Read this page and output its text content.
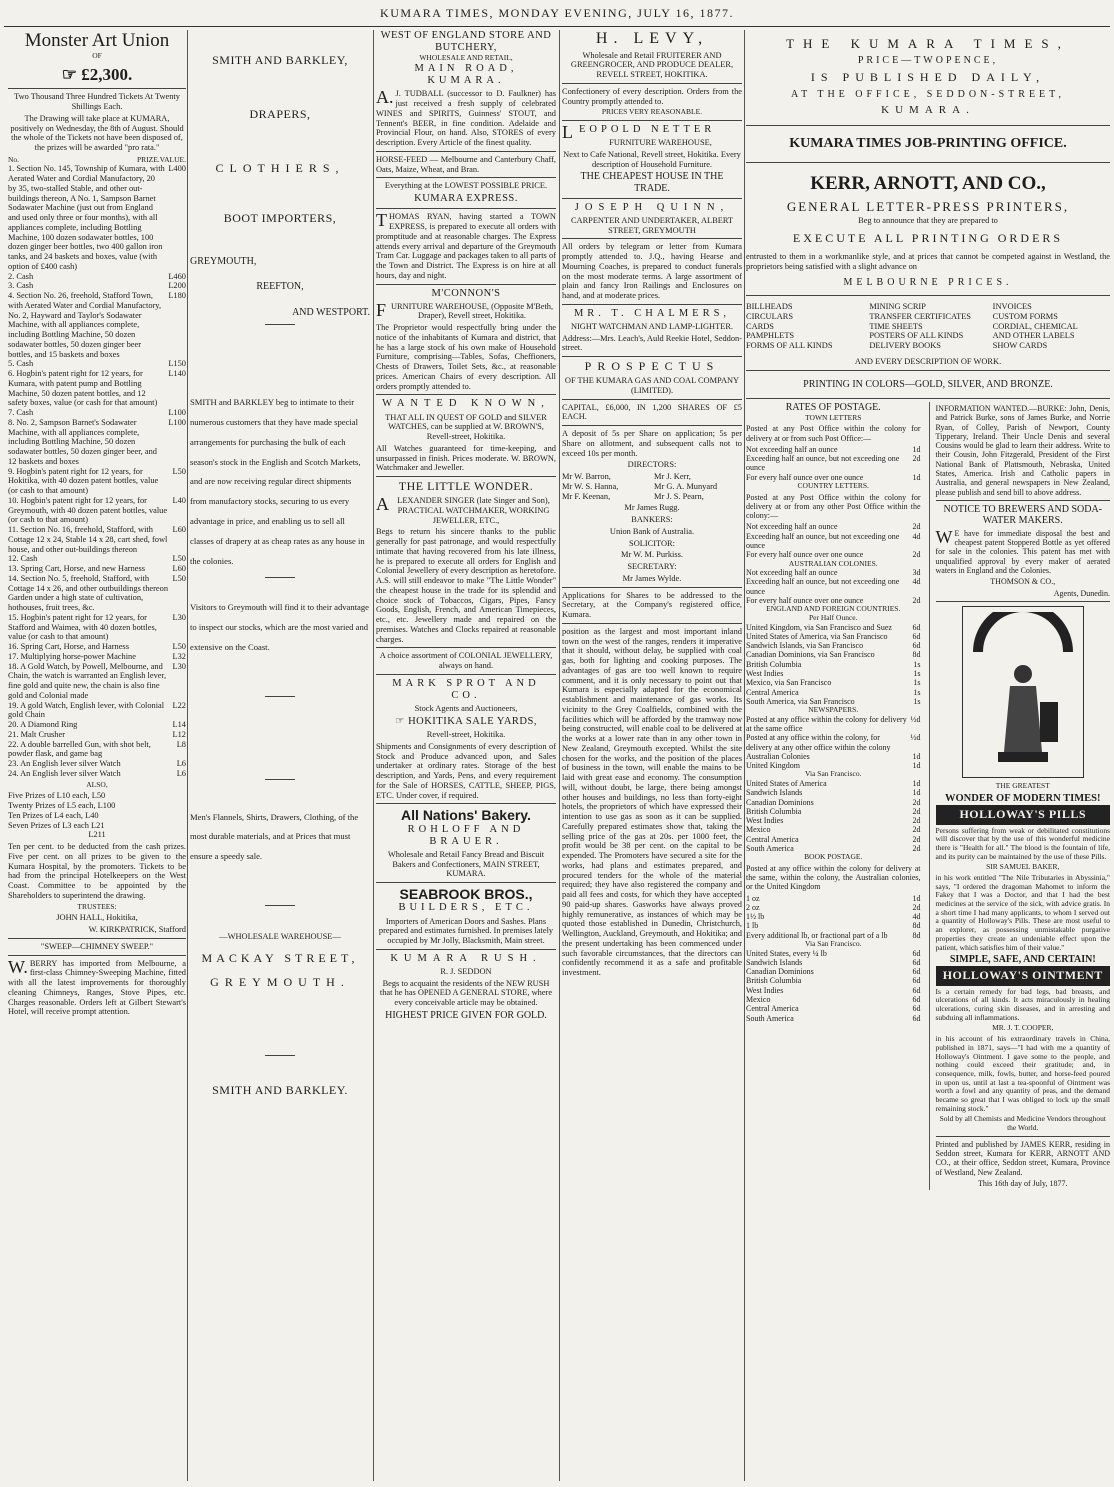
KUMARA TIMES, MONDAY EVENING, JULY 16, 1877.
Monster Art Union
OF
☞ £2,300.

Two Thousand Three Hundred Tickets At Twenty Shillings Each.

The Drawing will take place at KUMARA, positively on Wednesday, the 8th of August. Should the whole of the Tickets not have been disposed of, the prizes will be awarded "pro rata."

No.	PRIZE. VALUE.
1. Section No. 145, Township of Kumara, with Aerated Water and Cordial Manufactory, 20 by 35, two-stalled Stable, and other out-buildings thereon, A No. 1, Sampson Barnet Sodawater Machine (just out from England and used only three or four months), with all appliances complete, including Bottling Machine, 100 dozen sodawater bottles, 100 dozen ginger beer bottles, two 400 gallon iron tanks, and 24 baskets and boxes, value (with option of £400 cash)
L400
2. Cash	L460
3. Cash	L200
4. Section No. 26, freehold, Stafford Town, with Aerated Water and Cordial Manufactory, No. 2, Hayward and Taylor's Sodawater Machine, with all appliances complete, including Bottling Machine, 50 dozen sodawater bottles, 50 dozen ginger beer bottles, and 15 baskets and boxes
L180
5. Cash	L150
6. Hogbin's patent right for 12 years, for Kumara, with patent pump and Bottling Machine, 50 dozen patent bottles, and 12 safety boxes, value (or cash for that amount)
L140
7. Cash	L100
8. No. 2, Sampson Barnet's Sodawater Machine, with all appliances complete, including Bottling Machine, 50 dozen sodawater bottles, 50 dozen ginger beer, and 12 baskets and boxes
L100
9. Hogbin's patent right for 12 years, for Hokitika, with 40 dozen patent bottles, value (or cash to that amount)
L50
10. Hogbin's patent right for 12 years, for Greymouth, with 40 dozen patent bottles, value (or cash to that amount)
L40
11. Section No. 16, freehold, Stafford, with Cottage 12 x 24, Stable 14 x 28, cart shed, fowl house, and other out-buildings thereon
L60
12. Cash	L50
13. Spring Cart, Horse, and new Harness	L60
14. Section No. 5, freehold, Stafford, with Cottage 14 x 26, and other outbuildings thereon Garden under a high state of cultivation, hothouses, fruit trees, &c.
L50
15. Hogbin's patent right for 12 years, for Stafford and Waimea, with 40 dozen bottles, value (or cash to that amount)
L30
16. Spring Cart, Horse, and Harness	L50
17. Multiplying horse-power Machine	L32
18. A Gold Watch, by Powell, Melbourne, and Chain, the watch is warranted an English lever, fine gold and quite new, the chain is also fine gold and Colonial made
L30
19. A gold Watch, English lever, with Colonial gold Chain
L22
20. A Diamond Ring	L14
21. Malt Crusher	L12
22. A double barrelled Gun, with shot belt, powder flask, and game bag
L8
23. An English lever silver Watch	L6
24. An English lever silver Watch	L6

ALSO,

Five Prizes of L10 each, L50
Twenty Prizes of L5 each, L100
Ten Prizes of L4 each, L40
Seven Prizes of L3 each L21
L211

Ten per cent. to be deducted from the cash prizes. Five per cent. on all prizes to be given to the Kumara Hospital, by the promoters. Tickets to be had from the principal Hotelkeepers on the West Coast. Committee to be appointed by the Shareholders to superintend the drawing.

TRUSTEES:

JOHN HALL, Hokitika,

W. KIRKPATRICK, Stafford

"SWEEP—CHIMNEY SWEEP."

W.BERRY has imported from Melbourne, a first-class Chimney-Sweeping Machine, fitted with all the latest improvements for thoroughly cleaning Chimneys, Ranges, Stove Pipes, etc. Charges reasonable. Orders left at Gilbert Stewart's Hotel, will receive prompt attention.

SMITH AND BARKLEY,
DRAPERS,
CLOTHIERS,
BOOT IMPORTERS,
GREYMOUTH,
REEFTON,
AND WESTPORT.

SMITH and BARKLEY beg to intimate to their numerous customers that they have made special arrangements for purchasing the bulk of each season's stock in the English and Scotch Markets, and are now receiving regular direct shipments from manufactory stocks, securing to us every advantage in price, and enabling us to sell all classes of drapery at as cheap rates as any house in the colonies.

Visitors to Greymouth will find it to their advantage to inspect our stocks, which are the most varied and extensive on the Coast.

Men's Flannels, Shirts, Drawers, Clothing, of the most durable materials, and at Prices that must ensure a speedy sale.

—WHOLESALE WAREHOUSE—
MACKAY STREET,
GREYMOUTH.
SMITH AND BARKLEY.
WEST OF ENGLAND STORE AND BUTCHERY,
WHOLESALE AND RETAIL,
MAIN ROAD, KUMARA.

A.J. TUDBALL (successor to D. Faulkner) has just received a fresh supply of celebrated WINES and SPIRITS, Guinness' STOUT, and Tennent's BEER, in fine condition. Adelaide and Provincial Flour, on hand. Also, STORES of every description. Every Article of the finest quality.

HORSE-FEED — Melbourne and Canterbury Chaff, Oats, Maize, Wheat, and Bran.

Everything at the LOWEST POSSIBLE PRICE.

KUMARA EXPRESS.

THOMAS RYAN, having started a TOWN EXPRESS, is prepared to execute all orders with promptitude and at reasonable charges. The Express attends every arrival and departure of the Greymouth Tram Car. Luggage and packages taken to all parts of the Town and District. The Express is on hire at all hours, day and night.

M'CONNON'S

FURNITURE WAREHOUSE, (Opposite M'Beth, Draper), Revell street, Hokitika.

The Proprietor would respectfully bring under the notice of the inhabitants of Kumara and district, that he has a large stock of his own make of Household Furniture, comprising—Tables, Sofas, Cheffioners, Chests of Drawers, Toilet Sets, &c., at reasonable prices. American Chairs of every description. All orders promptly attended to.

WANTED KNOWN,

THAT ALL IN QUEST OF GOLD and SILVER WATCHES, can be supplied at W. BROWN'S, Revell-street, Hokitika.

All Watches guaranteed for time-keeping, and unsurpassed in finish. Prices moderate. W. BROWN, Watchmaker and Jeweller.

THE LITTLE WONDER.

ALEXANDER SINGER (late Singer and Son), PRACTICAL WATCHMAKER, WORKING JEWELLER, ETC.,

Begs to return his sincere thanks to the public generally for past patronage, and would respectfully intimate that having recovered from his late illness, he is prepared to execute all orders for English and Colonial Jewellery of every description as heretofore. A.S. will still endeavor to make "The Little Wonder" the cheapest house in the trade for its splendid and choice stock of Tobaccos, Cigars, Pipes, Fancy Goods, English, French, and American Timepieces, etc., etc. Jewellery made and repaired on the premises. Watches and Clocks repaired at reasonable charges.

A choice assortment of COLONIAL JEWELLERY, always on hand.

MARK SPROT AND CO.

Stock Agents and Auctioneers,

☞ HOKITIKA SALE YARDS,

Revell-street, Hokitika.

Shipments and Consignments of every description of Stock and Produce advanced upon, and Sales undertaker at ordinary rates. Storage of the best description, and Yards, Pens, and every requirement for the Sale of HORSES, CATTLE, SHEEP, PIGS, ETC. Under cover, if required.

All Nations' Bakery.
ROHLOFF AND BRAUER.

Wholesale and Retail Fancy Bread and Biscuit Bakers and Confectioners, MAIN STREET, KUMARA.

SEABROOK BROS.,
BUILDERS, ETC.

Importers of American Doors and Sashes. Plans prepared and estimates furnished. In premises lately occupied by Mr Jolly, Blacksmith, Main street.

KUMARA RUSH.

R. J. SEDDON

Begs to acquaint the residents of the NEW RUSH that he has OPENED A GENERAL STORE, where every conceivable article may be obtained.

HIGHEST PRICE GIVEN FOR GOLD.

H. LEVY,

Wholesale and Retail FRUITERER AND GREENGROCER, AND PRODUCE DEALER, REVELL STREET, HOKITIKA.

Confectionery of every description. Orders from the Country promptly attended to.

PRICES VERY REASONABLE.

LEOPOLD NETTER

FURNITURE WAREHOUSE,

Next to Cafe National, Revell street, Hokitika. Every description of Household Furniture.

THE CHEAPEST HOUSE IN THE TRADE.

JOSEPH QUINN,

CARPENTER AND UNDERTAKER, ALBERT STREET, GREYMOUTH

All orders by telegram or letter from Kumara promptly attended to. J.Q., having Hearse and Mourning Coaches, is prepared to conduct funerals on the most moderate terms. A large assortment of plain and fancy Iron Railings and Enclosures on hand, and at moderate prices.

MR. T. CHALMERS,

NIGHT WATCHMAN AND LAMP-LIGHTER.

Address:—Mrs. Leach's, Auld Reekie Hotel, Seddon-street.

PROSPECTUS

OF THE KUMARA GAS AND COAL COMPANY (LIMITED).

CAPITAL, £6,000, IN 1,200 SHARES OF £5 EACH.

A deposit of 5s per Share on application; 5s per Share on allotment, and subsequent calls not to exceed 10s per month.

DIRECTORS:

Mr W. Barron,	Mr J. Kerr,
Mr W. S. Hanna,	Mr G. A. Munyard
Mr F. Keenan,	Mr J. S. Pearn,

Mr James Rugg.

BANKERS:

Union Bank of Australia.

SOLICITOR:

Mr W. M. Purkiss.

SECRETARY:

Mr James Wylde.

Applications for Shares to be addressed to the Secretary, at the Company's registered office, Kumara.

position as the largest and most important inland town on the west of the ranges, renders it imperative that it should, without delay, be supplied with coal gas, both for lighting and cooking purposes. The advantages of gas are too well known to require comment, and it is only necessary to point out that Kumara is especially adapted for the economical establishment and maintenance of gas works. Its vicinity to the Grey Coalfields, combined with the facilities which will be afforded by the tramway now being constructed, will enable coal to be delivered at the works at a lower rate than in any other town in New Zealand, Greymouth excepted. Whilst the site chosen for the works, and the position of the places of business in the town, will enable the mains to be laid with great ease and economy. The consumption will, without doubt, be large, there being amongst other houses and buildings, no less than forty-eight hotels, the proprietors of which have expressed their intention to use gas as soon as it can be supplied. Carefully prepared estimates show that, taking the selling price of the gas at 20s. per 1000 feet, the profit would be 38 per cent. on the capital to be expended. The Promoters have secured a site for the works, had plans and estimates prepared, and procured tenders for the whole of the material required; they have also registered the company and paid all fees and costs, for which they have accepted 90 paid-up shares. Gasworks have always proved highly remunerative, as instances of which may be quoted those established in Dunedin, Christchurch, Wellington, Auckland, Greymouth, and Hokitika; and the present undertaking has been commenced under such favorable circumstances, that the directors can confidently recommend it as a safe and profitable investment.

THE KUMARA TIMES,
PRICE—TWOPENCE,
IS PUBLISHED DAILY,
AT THE OFFICE, SEDDON-STREET,
KUMARA.
KUMARA TIMES JOB-PRINTING OFFICE.
KERR, ARNOTT, AND CO.,
GENERAL LETTER-PRESS PRINTERS,

Beg to announce that they are prepared to

EXECUTE ALL PRINTING ORDERS

entrusted to them in a workmanlike style, and at prices that cannot be competed against in Westland, the proprietors being satisfied with a slight advance on

MELBOURNE PRICES.
BILLHEADS	MINING SCRIP	INVOICES
CIRCULARS	TRANSFER CERTIFICATES	CUSTOM FORMS
CARDS	TIME SHEETS	CORDIAL, CHEMICAL
PAMPHLETS	POSTERS OF ALL KINDS	AND OTHER LABELS
FORMS OF ALL KINDS	DELIVERY BOOKS	SHOW CARDS

AND EVERY DESCRIPTION OF WORK.

PRINTING IN COLORS—GOLD, SILVER, AND BRONZE.

RATES OF POSTAGE.
TOWN LETTERS

Posted at any Post Office within the colony for delivery at or from such Post Office:—

Not exceeding half an ounce	1d
Exceeding half an ounce, but not exceeding one ounce
2d
For every half ounce over one ounce	1d
COUNTRY LETTERS.

Posted at any Post Office within the colony for delivery at or from any other Post Office within the colony:—

Not exceeding half an ounce	2d
Exceeding half an ounce, but not exceeding one ounce
4d
For every half ounce over one ounce	2d
AUSTRALIAN COLONIES.
Not exceeding half an ounce	3d
Exceeding half an ounce, but not exceeding one ounce
4d
For every half ounce over one ounce	2d
ENGLAND AND FOREIGN COUNTRIES.
Per Half Ounce.
United Kingdom, via San Francisco and Suez	6d
United States of America, via San Francisco	6d
Sandwich Islands, via San Francisco	6d
Canadian Dominions, via San Francisco	8d
British Columbia	1s
West Indies	1s
Mexico, via San Francisco	1s
Central America	1s
South America, via San Francisco	1s
NEWSPAPERS.
Posted at any office within the colony for delivery at the same office
½d
Posted at any office within the colony, for delivery at any other office within the colony
½d
Australian Colonies	1d
United Kingdom	1d
Via San Francisco.
United States of America	1d
Sandwich Islands	1d
Canadian Dominions	2d
British Columbia	2d
West Indies	2d
Mexico	2d
Central America	2d
South America	2d
BOOK POSTAGE.

Posted at any office within the colony for delivery at the same, within the colony, the Australian colonies, or the United Kingdom

1 oz	1d
2 oz	2d
1½ lb	4d
1 lb	8d
Every additional lb, or fractional part of a lb	8d
Via San Francisco.
United States, every ¼ lb	6d
Sandwich Islands	6d
Canadian Dominions	6d
British Columbia	6d
West Indies	6d
Mexico	6d
Central America	6d
South America	6d

INFORMATION WANTED.—BURKE: John, Denis, and Patrick Burke, sons of James Burke, and Norrie Ryan, of Colley, Parish of Newport, County Tipperary, Ireland. Their Uncle Denis and several Cousins would be glad to learn their address. Write to their Cousin, John Fitzgerald, President of the First National Bank of Plattsmouth, Nebraska, United States, America. Irish and Catholic papers in Australia, and general newspapers in New Zealand, please publish and send bill to above address.

NOTICE TO BREWERS AND SODA-WATER MAKERS.

WE have for immediate disposal the best and cheapest patent Stoppered Bottle as yet offered for sale in the colonies. This patent has met with unqualified approval by every maker of aerated waters in England and the Colonies.

THOMSON & CO.,

Agents, Dunedin.

CURE FOR ALL

THE GREATEST

WONDER OF MODERN TIMES!
HOLLOWAY'S PILLS

Persons suffering from weak or debilitated constitutions will discover that by the use of this wonderful medicine there is "Health for all." The blood is the fountain of life, and its purity can be maintained by the use of these Pills.

SIR SAMUEL BAKER,

in his work entitled "The Nile Tributaries in Abyssinia," says, "I ordered the dragoman Mahomet to inform the Fakey that I was a Doctor, and that I had the best medicines at the service of the sick, with advice gratis. In a short time I had many applicants, to whom I served out a quantity of Holloway's Pills. These are most useful to an explorer, as possessing unmistakable purgative properties they create an undeniable effect upon the patient, which satisfies him of their value."

SIMPLE, SAFE, AND CERTAIN!
HOLLOWAY'S OINTMENT

Is a certain remedy for bad legs, bad breasts, and ulcerations of all kinds. It acts miraculously in healing ulcerations, curing skin diseases, and in arresting and subduing all inflammations.

MR. J. T. COOPER,

in his account of his extraordinary travels in China, published in 1871, says—"I had with me a quantity of Holloway's Ointment. I gave some to the people, and nothing could exceed their gratitude; and, in consequence, milk, fowls, butter, and horse-feed poured in upon us, until at last a tea-spoonful of Ointment was worth a fowl and any quantity of peas, and the demand became so great that I was obliged to lock up the small remaining stock."

Sold by all Chemists and Medicine Vendors throughout the World.

Printed and published by JAMES KERR, residing in Seddon street, Kumara for KERR, ARNOTT AND CO., at their office, Seddon street, Kumara, Province of Westland, New Zealand.

This 16th day of July, 1877.
